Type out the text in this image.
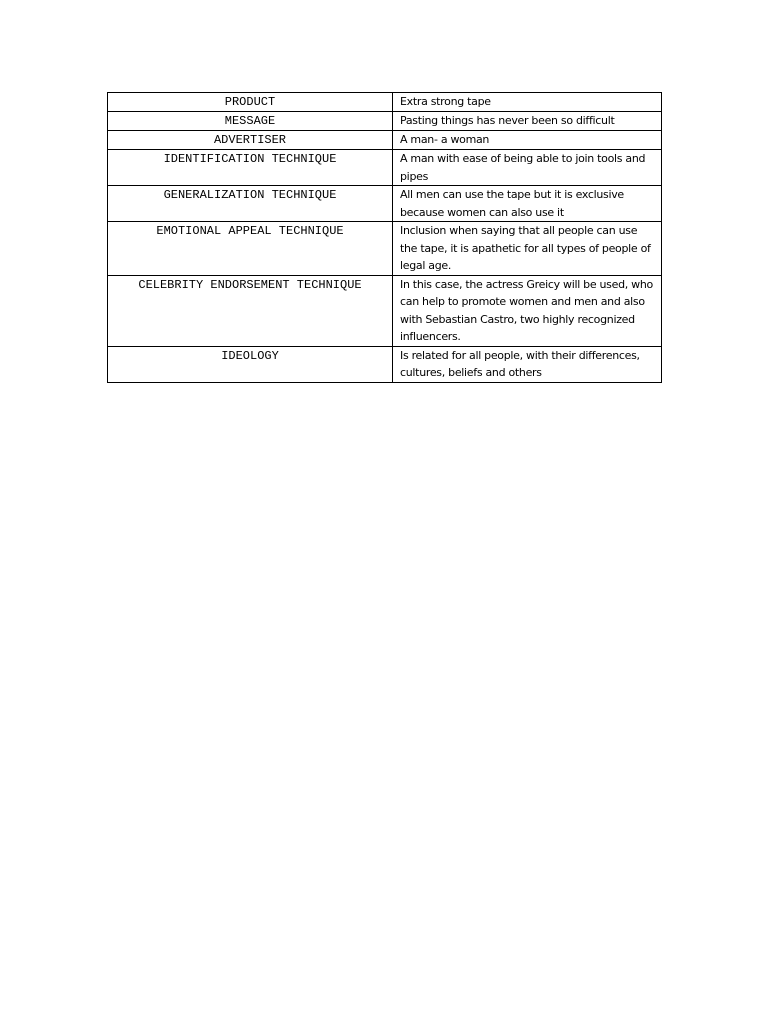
PRODUCT	Extra strong tape

MESSAGE	Pasting things has never been so difficult

ADVERTISER	A man- a woman

IDENTIFICATION TECHNIQUE	A man with ease of being able to join tools and pipes

GENERALIZATION TECHNIQUE	All men can use the tape but it is exclusive because women can also use it

EMOTIONAL APPEAL TECHNIQUE	Inclusion when saying that all people can use the tape, it is apathetic for all types of people of legal age.

CELEBRITY ENDORSEMENT TECHNIQUE	In this case, the actress Greicy will be used, who can help to promote women and men and also with Sebastian Castro, two highly recognized influencers.

IDEOLOGY	Is related for all people, with their differences, cultures, beliefs and others
